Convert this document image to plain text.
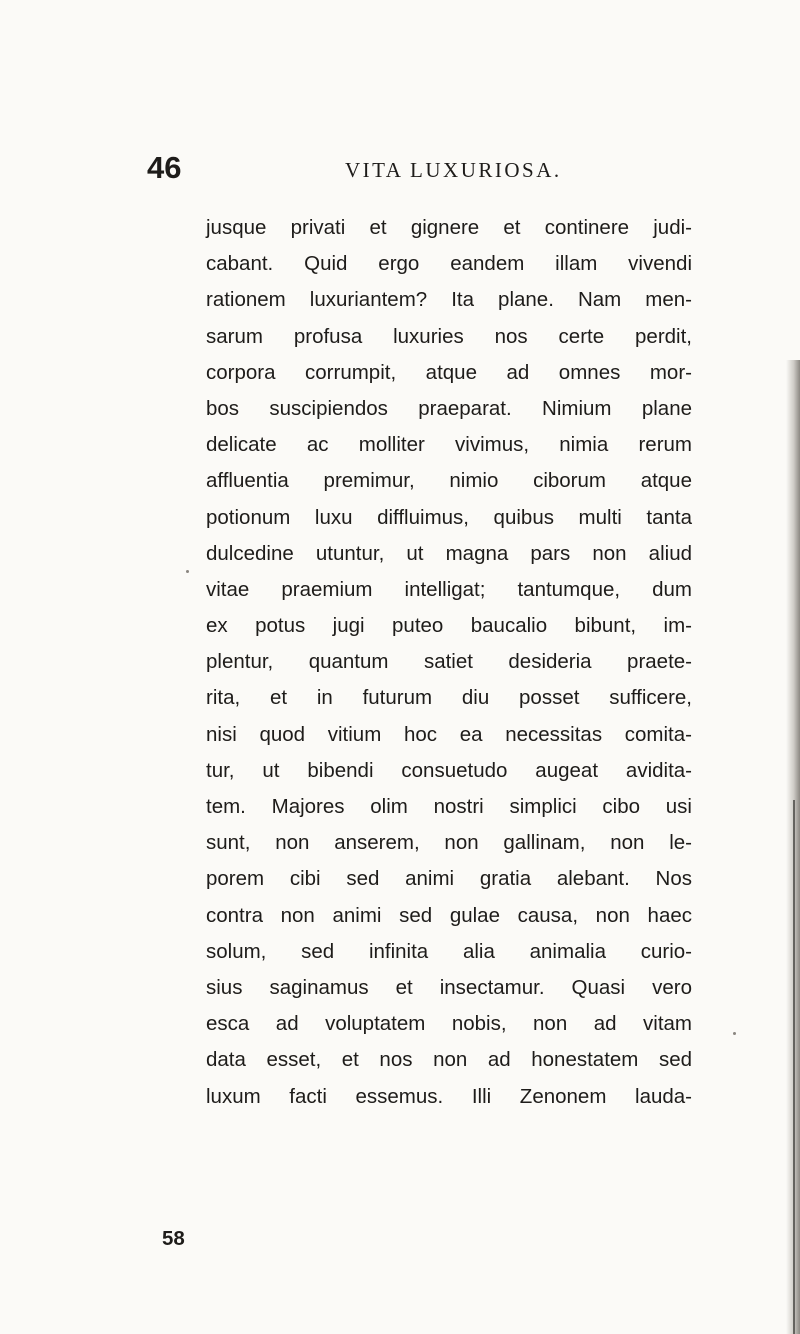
46	VITA LUXURIOSA.
jusque privati et gignere et continere judi-
cabant. Quid ergo eandem illam vivendi
rationem luxuriantem? Ita plane. Nam men-
sarum profusa luxuries nos certe perdit,
corpora corrumpit, atque ad omnes mor-
bos suscipiendos praeparat. Nimium plane
delicate ac molliter vivimus, nimia rerum
affluentia premimur, nimio ciborum atque
potionum luxu diffluimus, quibus multi tanta
dulcedine utuntur, ut magna pars non aliud
vitae praemium intelligat; tantumque, dum
ex potus jugi puteo baucalio bibunt, im-
plentur, quantum satiet desideria praete-
rita, et in futurum diu posset sufficere,
nisi quod vitium hoc ea necessitas comita-
tur, ut bibendi consuetudo augeat avidita-
tem. Majores olim nostri simplici cibo usi
sunt, non anserem, non gallinam, non le-
porem cibi sed animi gratia alebant. Nos
contra non animi sed gulae causa, non haec
solum, sed infinita alia animalia curio-
sius saginamus et insectamur. Quasi vero
esca ad voluptatem nobis, non ad vitam
data esset, et nos non ad honestatem sed
luxum facti essemus. Illi Zenonem lauda-
58
